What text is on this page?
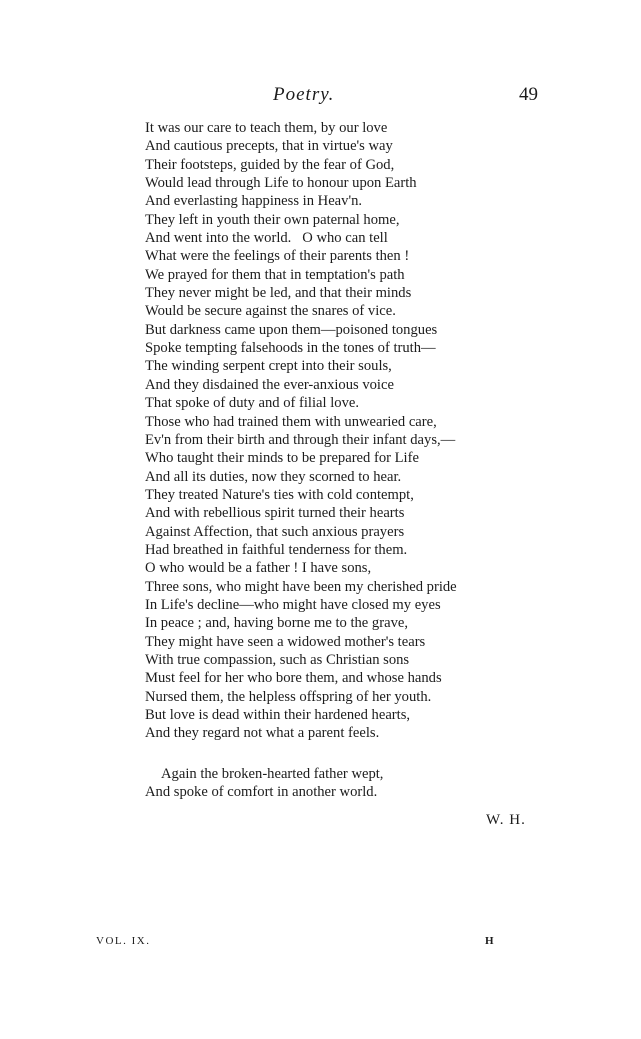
Poetry.	49
It was our care to teach them, by our love
And cautious precepts, that in virtue's way
Their footsteps, guided by the fear of God,
Would lead through Life to honour upon Earth
And everlasting happiness in Heav'n.
They left in youth their own paternal home,
And went into the world.   O who can tell
What were the feelings of their parents then !
We prayed for them that in temptation's path
They never might be led, and that their minds
Would be secure against the snares of vice.
But darkness came upon them—poisoned tongues
Spoke tempting falsehoods in the tones of truth—
The winding serpent crept into their souls,
And they disdained the ever-anxious voice
That spoke of duty and of filial love.
Those who had trained them with unwearied care,
Ev'n from their birth and through their infant days,—
Who taught their minds to be prepared for Life
And all its duties, now they scorned to hear.
They treated Nature's ties with cold contempt,
And with rebellious spirit turned their hearts
Against Affection, that such anxious prayers
Had breathed in faithful tenderness for them.
O who would be a father ! I have sons,
Three sons, who might have been my cherished pride
In Life's decline—who might have closed my eyes
In peace ; and, having borne me to the grave,
They might have seen a widowed mother's tears
With true compassion, such as Christian sons
Must feel for her who bore them, and whose hands
Nursed them, the helpless offspring of her youth.
But love is dead within their hardened hearts,
And they regard not what a parent feels.
Again the broken-hearted father wept,
And spoke of comfort in another world.
W. H.
VOL. IX.	H
